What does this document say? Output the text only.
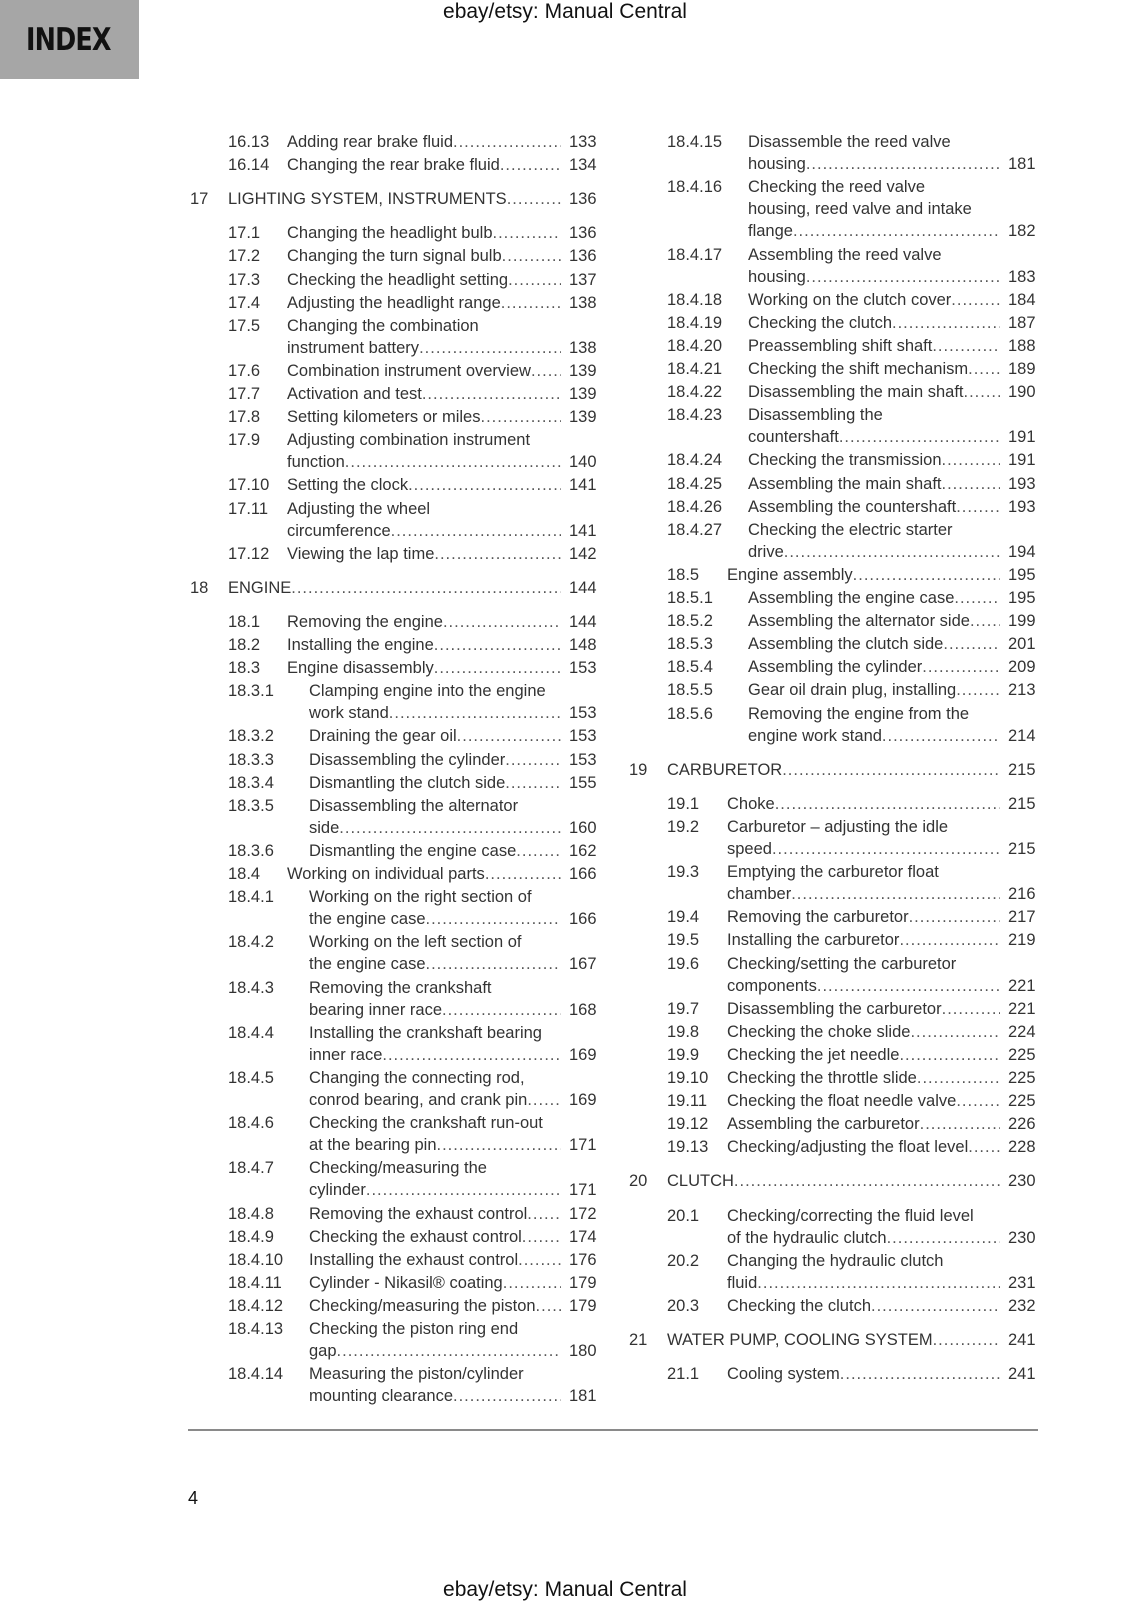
INDEX
ebay/etsy: Manual Central
16.13 Adding rear brake fluid .....	133
16.14 Changing the rear brake fluid .....	134
17 LIGHTING SYSTEM, INSTRUMENTS .....	136
17.1 Changing the headlight bulb .....	136
17.2 Changing the turn signal bulb .....	136
17.3 Checking the headlight setting .....	137
17.4 Adjusting the headlight range .....	138
17.5 Changing the combination
instrument battery .....	138
17.6 Combination instrument overview ..... 139
17.7 Activation and test .....	139
17.8 Setting kilometers or miles .....	139
17.9 Adjusting combination instrument
function .....	140
17.10 Setting the clock .....	141
17.11 Adjusting the wheel
circumference .....	141
17.12 Viewing the lap time .....	142
18 ENGINE .....	144
18.1 Removing the engine .....	144
18.2 Installing the engine .....	148
18.3 Engine disassembly .....	153
18.3.1 Clamping engine into the engine
work stand .....	153
18.3.2 Draining the gear oil .....	153
18.3.3 Disassembling the cylinder .....	153
18.3.4 Dismantling the clutch side .....	155
18.3.5 Disassembling the alternator
side .....	160
18.3.6 Dismantling the engine case .....	162
18.4 Working on individual parts .....	166
18.4.1 Working on the right section of
the engine case .....	166
18.4.2 Working on the left section of
the engine case .....	167
18.4.3 Removing the crankshaft
bearing inner race .....	168
18.4.4 Installing the crankshaft bearing
inner race .....	169
18.4.5 Changing the connecting rod,
conrod bearing, and crank pin .....	169
18.4.6 Checking the crankshaft run-out
at the bearing pin .....	171
18.4.7 Checking/measuring the
cylinder .....	171
18.4.8 Removing the exhaust control .....	172
18.4.9 Checking the exhaust control .....	174
18.4.10 Installing the exhaust control .....	176
18.4.11 Cylinder - Nikasil® coating .....	179
18.4.12 Checking/measuring the piston ..... 179
18.4.13 Checking the piston ring end
gap .....	180
18.4.14 Measuring the piston/cylinder
mounting clearance .....	181
18.4.15 Disassemble the reed valve
housing .....	181
18.4.16 Checking the reed valve
housing, reed valve and intake
flange .....	182
18.4.17 Assembling the reed valve
housing .....	183
18.4.18 Working on the clutch cover .....	184
18.4.19 Checking the clutch .....	187
18.4.20 Preassembling shift shaft .....	188
18.4.21 Checking the shift mechanism ..... 189
18.4.22 Disassembling the main shaft .....	190
18.4.23 Disassembling the
countershaft .....	191
18.4.24 Checking the transmission .....	191
18.4.25 Assembling the main shaft .....	193
18.4.26 Assembling the countershaft .....	193
18.4.27 Checking the electric starter
drive .....	194
18.5 Engine assembly .....	195
18.5.1 Assembling the engine case .....	195
18.5.2 Assembling the alternator side ..... 199
18.5.3 Assembling the clutch side .....	201
18.5.4 Assembling the cylinder .....	209
18.5.5 Gear oil drain plug, installing .....	213
18.5.6 Removing the engine from the
engine work stand .....	214
19 CARBURETOR .....	215
19.1 Choke .....	215
19.2 Carburetor – adjusting the idle
speed .....	215
19.3 Emptying the carburetor float
chamber .....	216
19.4 Removing the carburetor .....	217
19.5 Installing the carburetor .....	219
19.6 Checking/setting the carburetor
components .....	221
19.7 Disassembling the carburetor .....	221
19.8 Checking the choke slide .....	224
19.9 Checking the jet needle .....	225
19.10 Checking the throttle slide .....	225
19.11 Checking the float needle valve .....	225
19.12 Assembling the carburetor .....	226
19.13 Checking/adjusting the float level ..... 228
20 CLUTCH .....	230
20.1 Checking/correcting the fluid level
of the hydraulic clutch .....	230
20.2 Changing the hydraulic clutch
fluid .....	231
20.3 Checking the clutch .....	232
21 WATER PUMP, COOLING SYSTEM .....	241
21.1 Cooling system .....	241
4
ebay/etsy: Manual Central
